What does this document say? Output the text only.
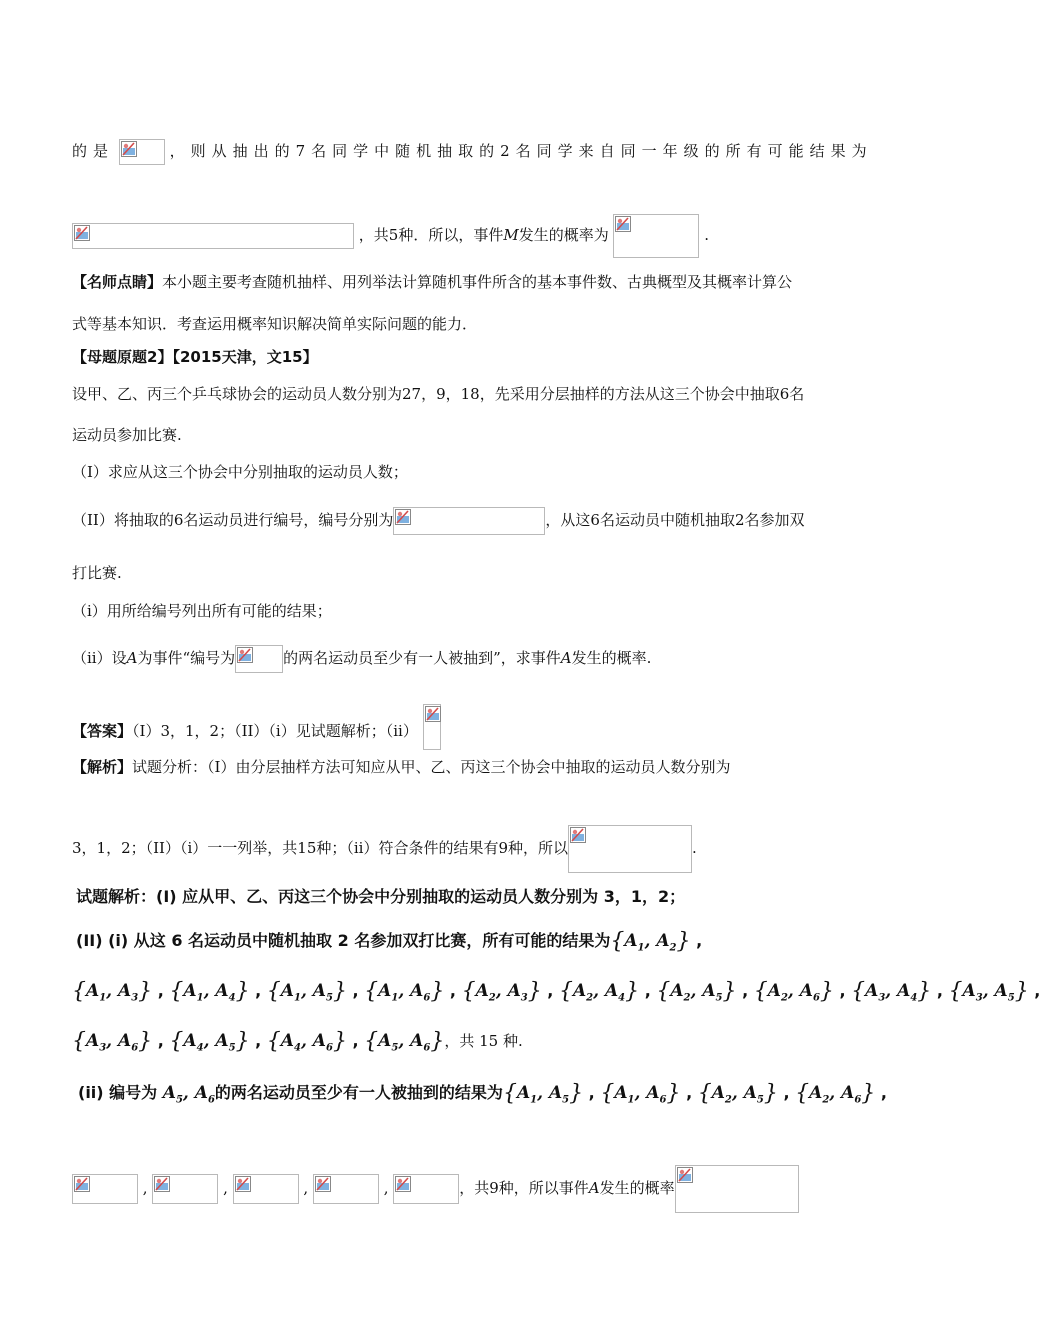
的是	，则从抽出的7名同学中随机抽取的2名同学来自同一年级的所有可能结果为
，共5种．所以，事件M发生的概率为	.
【名师点睛】本小题主要考查随机抽样、用列举法计算随机事件所含的基本事件数、古典概型及其概率计算公
式等基本知识．考查运用概率知识解决简单实际问题的能力．
【母题原题2】【2015天津，文15】
设甲、乙、丙三个乒乓球协会的运动员人数分别为27，9，18，先采用分层抽样的方法从这三个协会中抽取6名
运动员参加比赛.
（I）求应从这三个协会中分别抽取的运动员人数；
（II）将抽取的6名运动员进行编号，编号分别为	，从这6名运动员中随机抽取2名参加双
打比赛.
（i）用所给编号列出所有可能的结果；
（ii）设A为事件“编号为	的两名运动员至少有一人被抽到”，求事件A发生的概率.
【答案】（I）3，1，2；（II）（i）见试题解析；（ii）
【解析】试题分析：（I）由分层抽样方法可知应从甲、乙、丙这三个协会中抽取的运动员人数分别为
3，1，2；（II）（i）一一列举，共15种；（ii）符合条件的结果有9种，所以	.
试题解析：(I) 应从甲、乙、丙这三个协会中分别抽取的运动员人数分别为 3，1，2；
(II) (i) 从这 6 名运动员中随机抽取 2 名参加双打比赛，所有可能的结果为{$A_1$, $A_2$} ,
{$A_1$, $A_3$} , {$A_1$, $A_4$} , {$A_1$, $A_5$} , {$A_1$, $A_6$} , {$A_2$, $A_3$} , {$A_2$, $A_4$} , {$A_2$, $A_5$} , {$A_2$, $A_6$} , {$A_3$, $A_4$} , {$A_3$, $A_5$} ,
{$A_3$, $A_6$} , {$A_4$, $A_5$} , {$A_4$, $A_6$} , {$A_5$, $A_6$}，共 15 种.
(ii) 编号为 $A_5$, $A_6$的两名运动员至少有一人被抽到的结果为{$A_1$, $A_5$} , {$A_1$, $A_6$} , {$A_2$, $A_5$} , {$A_2$, $A_6$} ,
,	,	,	,	，共9种，所以事件A发生的概率
